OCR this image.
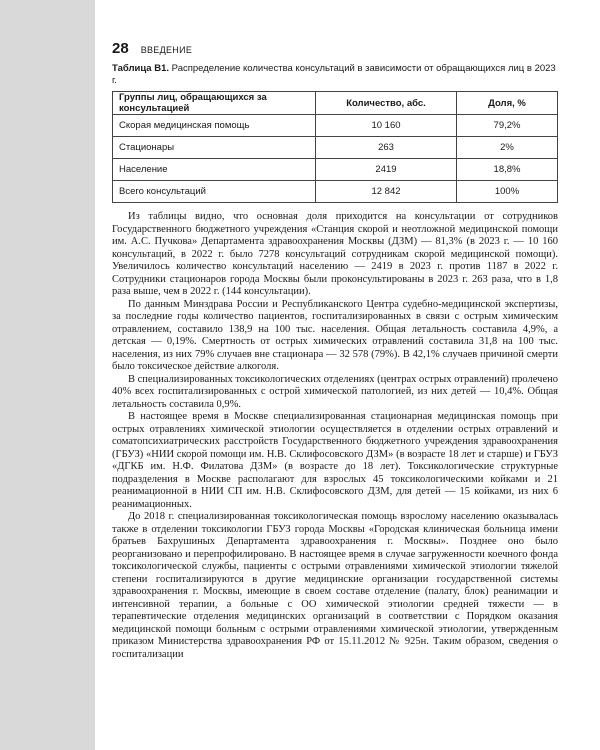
28 ВВЕДЕНИЕ

Таблица В1. Распределение количества консультаций в зависимости от обращающихся лиц в 2023 г.

Группы лиц, обращающихся за консультацией	Количество, абс.	Доля, %
Скорая медицинская помощь	10 160	79,2%
Стационары	263	2%
Население	2419	18,8%
Всего консультаций	12 842	100%

Из таблицы видно, что основная доля приходится на консультации от сотрудников Государственного бюджетного учреждения «Станция скорой и неотложной медицинской помощи им. А.С. Пучкова» Департамента здравоохранения Москвы (ДЗМ) — 81,3% (в 2023 г. — 10 160 консультаций, в 2022 г. было 7278 консультаций сотрудникам скорой медицинской помощи). Увеличилось количество консультаций населению — 2419 в 2023 г. против 1187 в 2022 г. Сотрудники стационаров города Москвы были проконсультированы в 2023 г. 263 раза, что в 1,8 раза выше, чем в 2022 г. (144 консультации).

По данным Минздрава России и Республиканского Центра судебно-медицинской экспертизы, за последние годы количество пациентов, госпитализированных в связи с острым химическим отравлением, составило 138,9 на 100 тыс. населения. Общая летальность составила 4,9%, а детская — 0,19%. Смертность от острых химических отравлений составила 31,8 на 100 тыс. населения, из них 79% случаев вне стационара — 32 578 (79%). В 42,1% случаев причиной смерти было токсическое действие алкоголя.

В специализированных токсикологических отделениях (центрах острых отравлений) пролечено 40% всех госпитализированных с острой химической патологией, из них детей — 10,4%. Общая летальность составила 0,9%.

В настоящее время в Москве специализированная стационарная медицинская помощь при острых отравлениях химической этиологии осуществляется в отделении острых отравлений и соматопсихиатрических расстройств Государственного бюджетного учреждения здравоохранения (ГБУЗ) «НИИ скорой помощи им. Н.В. Склифосовского ДЗМ» (в возрасте 18 лет и старше) и ГБУЗ «ДГКБ им. Н.Ф. Филатова ДЗМ» (в возрасте до 18 лет). Токсикологические структурные подразделения в Москве располагают для взрослых 45 токсикологическими койками и 21 реанимационной в НИИ СП им. Н.В. Склифосовского ДЗМ, для детей — 15 койками, из них 6 реанимационных.

До 2018 г. специализированная токсикологическая помощь взрослому населению оказывалась также в отделении токсикологии ГБУЗ города Москвы «Городская клиническая больница имени братьев Бахрушиных Департамента здравоохранения г. Москвы». Позднее оно было реорганизовано и перепрофилировано. В настоящее время в случае загруженности коечного фонда токсикологической службы, пациенты с острыми отравлениями химической этиологии тяжелой степени госпитализируются в другие медицинские организации государственной системы здравоохранения г. Москвы, имеющие в своем составе отделение (палату, блок) реанимации и интенсивной терапии, а больные с ОО химической этиологии средней тяжести — в терапевтические отделения медицинских организаций в соответствии с Порядком оказания медицинской помощи больным с острыми отравлениями химической этиологии, утвержденным приказом Министерства здравоохранения РФ от 15.11.2012 № 925н. Таким образом, сведения о госпитализации
